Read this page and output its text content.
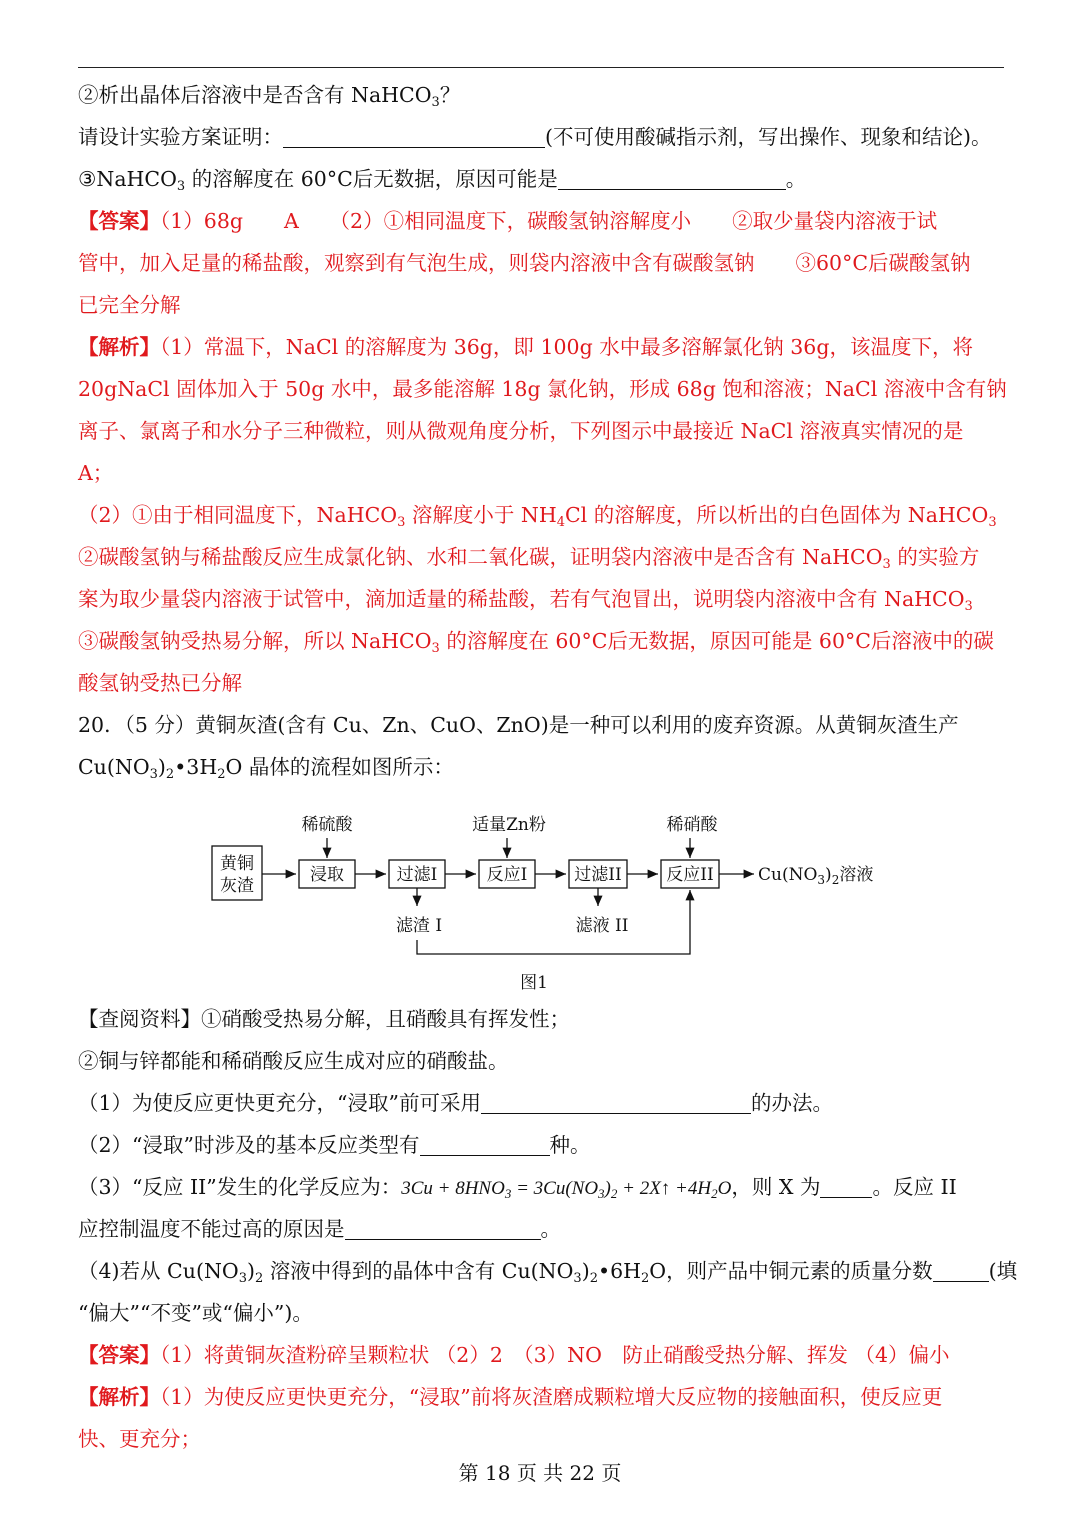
②析出晶体后溶液中是否含有 NaHCO$_3$？
请设计实验方案证明：	(不可使用酸碱指示剂，写出操作、现象和结论)。
③NaHCO$_3$ 的溶解度在 60°C后无数据，原因可能是	。
【答案】（1）68g　　A　　（2）①相同温度下，碳酸氢钠溶解度小　　②取少量袋内溶液于试
管中，加入足量的稀盐酸，观察到有气泡生成，则袋内溶液中含有碳酸氢钠　　③60°C后碳酸氢钠
已完全分解
【解析】（1）常温下，NaCl 的溶解度为 36g，即 100g 水中最多溶解氯化钠 36g，该温度下，将
20gNaCl 固体加入于 50g 水中，最多能溶解 18g 氯化钠，形成 68g 饱和溶液；NaCl 溶液中含有钠
离子、氯离子和水分子三种微粒，则从微观角度分析，下列图示中最接近 NaCl 溶液真实情况的是
A；
（2）①由于相同温度下，NaHCO$_3$ 溶解度小于 $NH_4Cl$ 的溶解度，所以析出的白色固体为 NaHCO$_3$
②碳酸氢钠与稀盐酸反应生成氯化钠、水和二氧化碳，证明袋内溶液中是否含有 NaHCO$_3$ 的实验方
案为取少量袋内溶液于试管中，滴加适量的稀盐酸，若有气泡冒出，说明袋内溶液中含有 NaHCO$_3$
③碳酸氢钠受热易分解，所以 NaHCO$_3$ 的溶解度在 60°C后无数据，原因可能是 60°C后溶液中的碳
酸氢钠受热已分解
20．（5 分）黄铜灰渣(含有 Cu、Zn、CuO、ZnO)是一种可以利用的废弃资源。从黄铜灰渣生产
$Cu(NO_3)_2•3H_2O$ 晶体的流程如图所示：
黄铜
灰渣
浸取
稀硫酸
过滤I
滤渣 I
反应I
适量Zn粉
过滤II
滤液 II
反应II
稀硝酸
$Cu(NO_3)_2$溶液
图1
【查阅资料】①硝酸受热易分解，且硝酸具有挥发性；
②铜与锌都能和稀硝酸反应生成对应的硝酸盐。
（1）为使反应更快更充分，“浸取”前可采用	的办法。
（2）“浸取”时涉及的基本反应类型有	种。
（3）“反应 II”发生的化学反应为：$3Cu + 8HNO_3 = 3Cu(NO_3)_2$ + 2X↑ $+4H_2O$，则 X 为	。反应 II
应控制温度不能过高的原因是	。
（4)若从 $Cu(NO_3)_2$ 溶液中得到的晶体中含有 $Cu(NO_3)_2•6H_2O$，则产品中铜元素的质量分数	(填
“偏大”“不变”或“偏小”)。
【答案】（1）将黄铜灰渣粉碎呈颗粒状 （2）2　（3）NO　防止硝酸受热分解、挥发 （4）偏小
【解析】（1）为使反应更快更充分，“浸取”前将灰渣磨成颗粒增大反应物的接触面积，使反应更
快、更充分；
第 18 页 共 22 页
